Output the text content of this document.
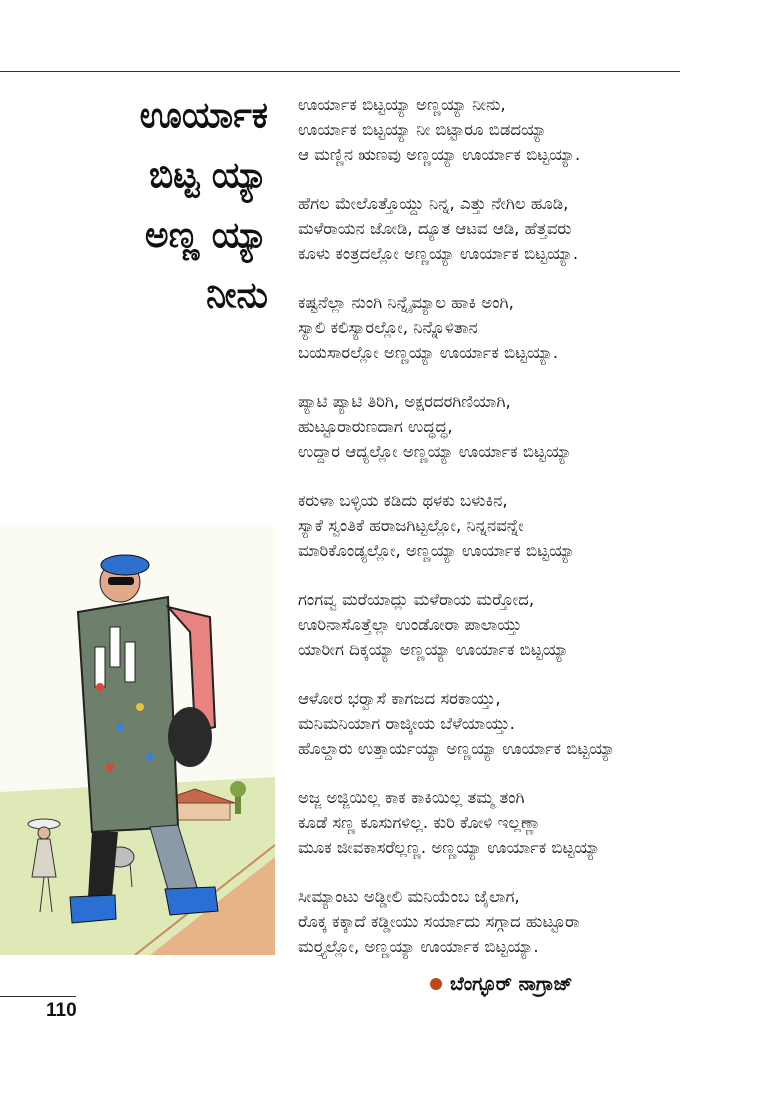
ಊರ್ಯಾಕ
ಬಿಟ್ಟ ಯ್ಯಾ
ಅಣ್ಣ ಯ್ಯಾ
ನೀನು
ಊರ್ಯಾಕ ಬಿಟ್ಟಯ್ಯಾ ಅಣ್ಣಯ್ಯಾ ನೀನು,
ಊರ್ಯಾಕ ಬಿಟ್ಟಯ್ಯಾ ನೀ ಬಿಟ್ಟಾರೂ ಬಿಡದಯ್ಯಾ
ಆ ಮಣ್ಣಿನ ಋಣವು ಅಣ್ಣಯ್ಯಾ ಊರ್ಯಾಕ ಬಿಟ್ಟಯ್ಯಾ.
ಹೆಗಲ ಮೇಲೊತ್ತೊಯ್ದು ನಿನ್ನ, ಎತ್ತು ನೇಗಿಲ ಹೂಡಿ,
ಮಳೆರಾಯನ ಜೋಡಿ, ದ್ಯೂತ ಆಟವ ಆಡಿ, ಹೆತ್ತವರು
ಕೂಳು ಕಂತ್ರದಲ್ಲೋ ಅಣ್ಣಯ್ಯಾ ಊರ್ಯಾಕ ಬಿಟ್ಟಯ್ಯಾ.
ಕಷ್ಟನೆಲ್ಲಾ ನುಂಗಿ ನಿನ್ನೈಮ್ಯಾಲ ಹಾಕಿ ಅಂಗಿ,
ಸ್ಯಾಲಿ ಕಲಿಸ್ಯಾರಲ್ಲೋ, ನಿನ್ನೊಳಿತಾನ
ಬಯಸಾರಲ್ಲೋ ಅಣ್ಣಯ್ಯಾ ಊರ್ಯಾಕ ಬಿಟ್ಟಯ್ಯಾ.
ಪ್ಯಾಟಿ ಪ್ಯಾಟಿ ತಿರಿಗಿ, ಅಕ್ಷರದರಗಿಣಿಯಾಗಿ,
ಹುಟ್ಟೂರಾರುಣದಾಗ ಉದ್ಧದ್ಧ,
ಉದ್ದಾರ ಆದ್ಯಲ್ಲೋ ಅಣ್ಣಯ್ಯಾ ಊರ್ಯಾಕ ಬಿಟ್ಟಯ್ಯಾ
ಕರುಳಾ ಬಳ್ಳಿಯ ಕಡಿದು ಥಳಕು ಬಳುಕಿನ,
ಸ್ಯಾಕೆ ಸ್ವಂತಿಕೆ ಹರಾಜಗಿಟ್ಟಲ್ಲೋ, ನಿನ್ನನವನ್ನೇ
ಮಾರಿಕೊಂಡ್ಯಲ್ಲೋ, ಅಣ್ಣಯ್ಯಾ ಊರ್ಯಾಕ ಬಿಟ್ಟಯ್ಯಾ
ಗಂಗವ್ವ ಮರೆಯಾದ್ಲು ಮಳೆರಾಯ ಮರ್‍ತೋದ,
ಊರಿನಾಸೊತ್ತೆಲ್ಲಾ ಉಂಡೋರಾ ಪಾಲಾಯ್ತು
ಯಾರೀಗ ದಿಕ್ಕಯ್ಯಾ ಅಣ್ಣಯ್ಯಾ ಊರ್ಯಾಕ ಬಿಟ್ಟಯ್ಯಾ
ಆಳೋರ ಭರ್‍ವಾಸೆ ಕಾಗಜದ ಸರಕಾಯ್ತು,
ಮನಿಮನಿಯಾಗ ರಾಜ್ಕೀಯ ಬೆಳೆಯಾಯ್ತು.
ಹೊಲ್ದಾರು ಉತ್ತಾರ್ಯಯ್ಯಾ ಅಣ್ಣಯ್ಯಾ ಊರ್ಯಾಕ ಬಿಟ್ಟಯ್ಯಾ
ಅಜ್ಜ ಅಜ್ಜಿಯಿಲ್ಲ ಕಾಕ ಕಾಕಿಯಿಲ್ಲ ತಮ್ಮ ತಂಗಿ
ಕೂಡೆ ಸಣ್ಣ ಕೂಸುಗಳಿಲ್ಲ. ಕುರಿ ಕೋಳಿ ಇಲ್ಲಣ್ಣಾ
ಮೂಕ ಜೀವಕಾಸರೆಲ್ಲಣ್ಣ. ಅಣ್ಣಯ್ಯಾ ಊರ್ಯಾಕ ಬಿಟ್ಟಯ್ಯಾ
ಸೀಮ್ಯಾಂಟು ಅಡ್ಡೀಲಿ ಮನಿಯೆಂಬ ಜೈಲಾಗ,
ರೊಕ್ಕ ಕಕ್ಕಾದೆ ಕಡ್ಡೀಯು ಸರ್ಯಾದು ಸಗ್ಗಾದ ಹುಟ್ಟೂರಾ
ಮರ್‍ತ್ಯಲ್ಲೋ, ಅಣ್ಣಯ್ಯಾ ಊರ್ಯಾಕ ಬಿಟ್ಟಯ್ಯಾ.
ಬೆಂಗ್ಳೂರ್ ನಾಗ್ರಾಜ್
110
